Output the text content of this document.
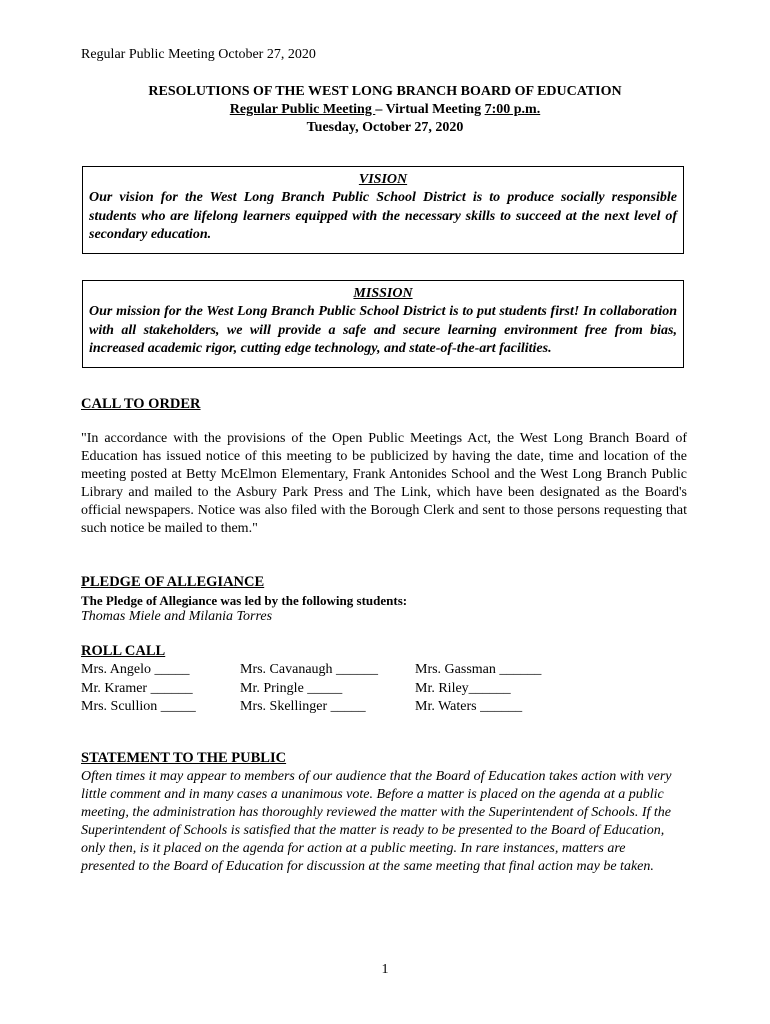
Regular Public Meeting October 27, 2020
RESOLUTIONS OF THE WEST LONG BRANCH BOARD OF EDUCATION
Regular Public Meeting – Virtual Meeting 7:00 p.m.
Tuesday, October 27, 2020
VISION
Our vision for the West Long Branch Public School District is to produce socially responsible students who are lifelong learners equipped with the necessary skills to succeed at the next level of secondary education.
MISSION
Our mission for the West Long Branch Public School District is to put students first! In collaboration with all stakeholders, we will provide a safe and secure learning environment free from bias, increased academic rigor, cutting edge technology, and state-of-the-art facilities.
CALL TO ORDER
"In accordance with the provisions of the Open Public Meetings Act, the West Long Branch Board of Education has issued notice of this meeting to be publicized by having the date, time and location of the meeting posted at Betty McElmon Elementary, Frank Antonides School and the West Long Branch Public Library and mailed to the Asbury Park Press and The Link, which have been designated as the Board's official newspapers. Notice was also filed with the Borough Clerk and sent to those persons requesting that such notice be mailed to them."
PLEDGE OF ALLEGIANCE
The Pledge of Allegiance was led by the following students:
Thomas Miele and Milania Torres
ROLL CALL
Mrs. Angelo _____
Mr. Kramer ______
Mrs. Scullion _____
Mrs. Cavanaugh ______
Mr. Pringle _____
Mrs. Skellinger _____
Mrs. Gassman ______
Mr. Riley______
Mr. Waters ______
STATEMENT TO THE PUBLIC
Often times it may appear to members of our audience that the Board of Education takes action with very little comment and in many cases a unanimous vote. Before a matter is placed on the agenda at a public meeting, the administration has thoroughly reviewed the matter with the Superintendent of Schools. If the Superintendent of Schools is satisfied that the matter is ready to be presented to the Board of Education, only then, is it placed on the agenda for action at a public meeting. In rare instances, matters are presented to the Board of Education for discussion at the same meeting that final action may be taken.
1
